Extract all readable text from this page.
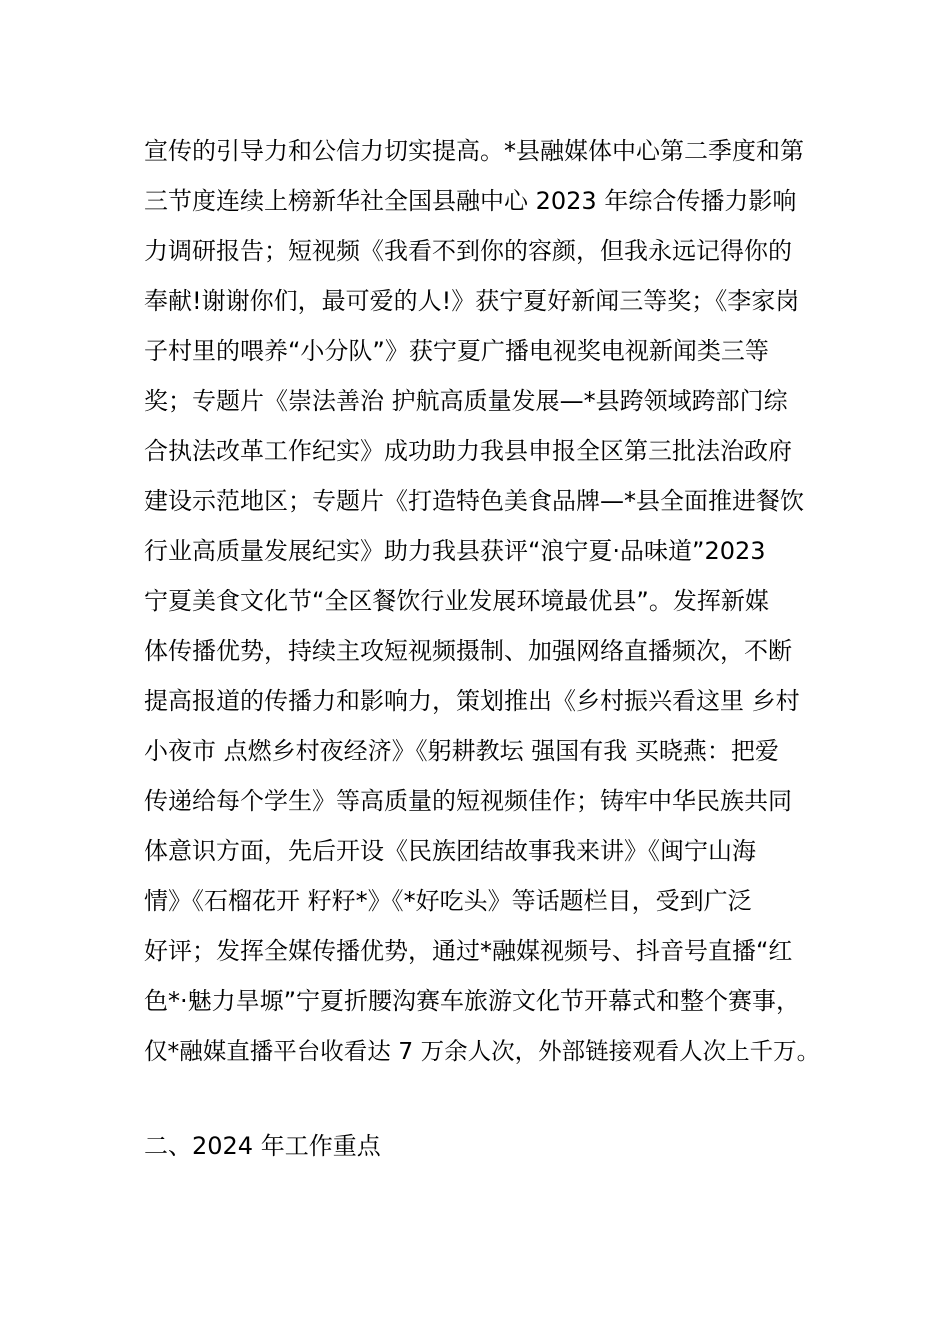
宣传的引导力和公信力切实提高。*县融媒体中心第二季度和第
三节度连续上榜新华社全国县融中心 2023 年综合传播力影响
力调研报告；短视频《我看不到你的容颜，但我永远记得你的
奉献!谢谢你们，最可爱的人!》获宁夏好新闻三等奖；《李家岗
子村里的喂养“小分队”》获宁夏广播电视奖电视新闻类三等
奖；专题片《崇法善治 护航高质量发展—*县跨领域跨部门综
合执法改革工作纪实》成功助力我县申报全区第三批法治政府
建设示范地区；专题片《打造特色美食品牌—*县全面推进餐饮
行业高质量发展纪实》助力我县获评“浪宁夏·品味道”2023
宁夏美食文化节“全区餐饮行业发展环境最优县”。发挥新媒
体传播优势，持续主攻短视频摄制、加强网络直播频次，不断
提高报道的传播力和影响力，策划推出《乡村振兴看这里 乡村
小夜市 点燃乡村夜经济》《躬耕教坛 强国有我 买晓燕：把爱
传递给每个学生》等高质量的短视频佳作；铸牢中华民族共同
体意识方面，先后开设《民族团结故事我来讲》《闽宁山海
情》《石榴花开 籽籽*》《*好吃头》等话题栏目，受到广泛
好评；发挥全媒传播优势，通过*融媒视频号、抖音号直播“红
色*·魅力旱塬”宁夏折腰沟赛车旅游文化节开幕式和整个赛事，
仅*融媒直播平台收看达 7 万余人次，外部链接观看人次上千万。
二、2024 年工作重点
